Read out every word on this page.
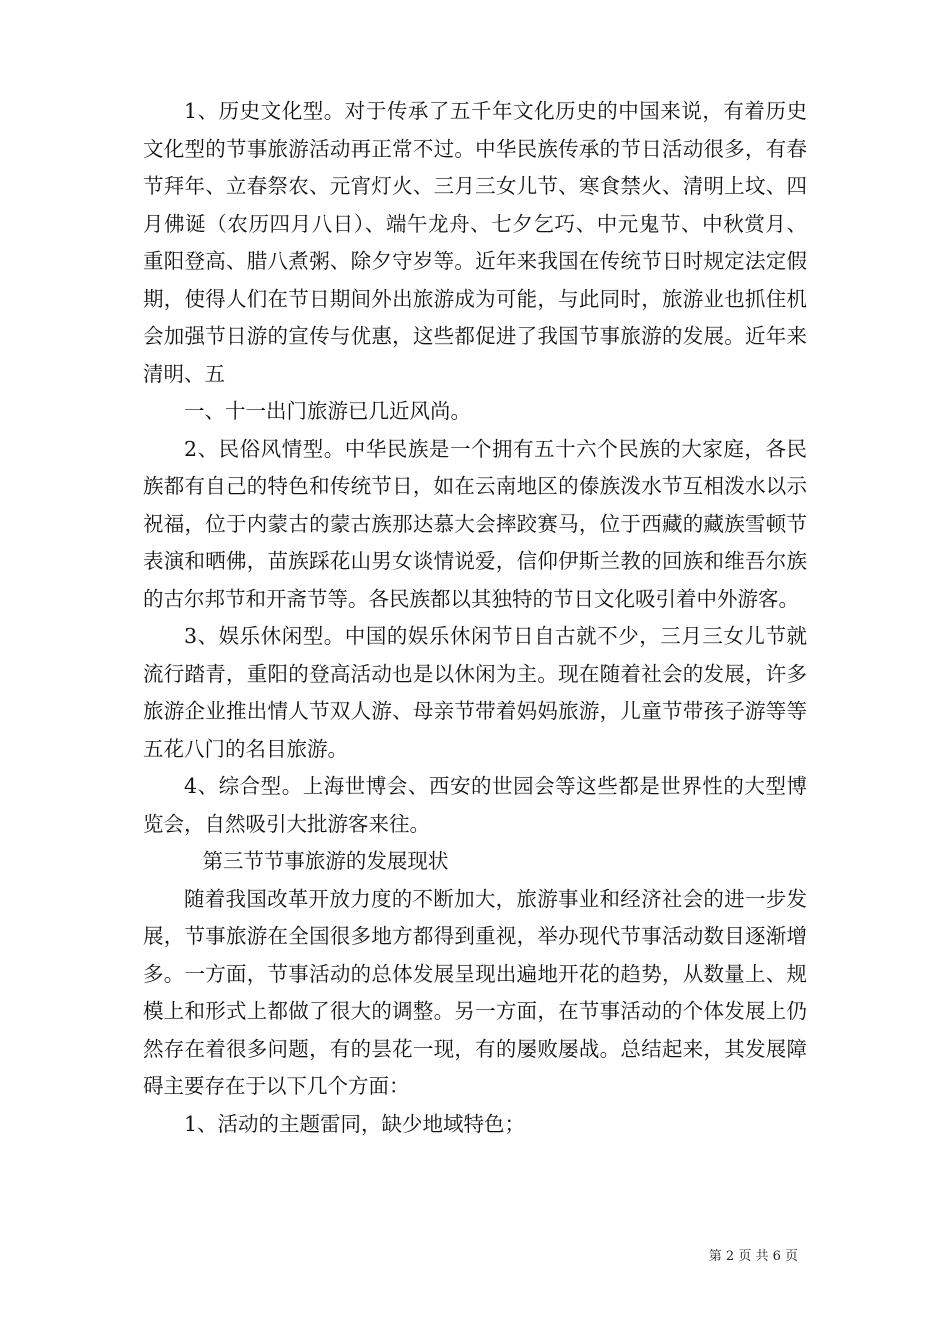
1、历史文化型。对于传承了五千年文化历史的中国来说，有着历史文化型的节事旅游活动再正常不过。中华民族传承的节日活动很多，有春节拜年、立春祭农、元宵灯火、三月三女儿节、寒食禁火、清明上坟、四月佛诞（农历四月八日）、端午龙舟、七夕乞巧、中元鬼节、中秋赏月、重阳登高、腊八煮粥、除夕守岁等。近年来我国在传统节日时规定法定假期，使得人们在节日期间外出旅游成为可能，与此同时，旅游业也抓住机会加强节日游的宣传与优惠，这些都促进了我国节事旅游的发展。近年来清明、五

一、十一出门旅游已几近风尚。

2、民俗风情型。中华民族是一个拥有五十六个民族的大家庭，各民族都有自己的特色和传统节日，如在云南地区的傣族泼水节互相泼水以示祝福，位于内蒙古的蒙古族那达慕大会摔跤赛马，位于西藏的藏族雪顿节表演和晒佛，苗族踩花山男女谈情说爱，信仰伊斯兰教的回族和维吾尔族的古尔邦节和开斋节等。各民族都以其独特的节日文化吸引着中外游客。

3、娱乐休闲型。中国的娱乐休闲节日自古就不少，三月三女儿节就流行踏青，重阳的登高活动也是以休闲为主。现在随着社会的发展，许多旅游企业推出情人节双人游、母亲节带着妈妈旅游，儿童节带孩子游等等五花八门的名目旅游。

4、综合型。上海世博会、西安的世园会等这些都是世界性的大型博览会，自然吸引大批游客来往。

第三节节事旅游的发展现状

随着我国改革开放力度的不断加大，旅游事业和经济社会的进一步发展，节事旅游在全国很多地方都得到重视，举办现代节事活动数目逐渐增多。一方面，节事活动的总体发展呈现出遍地开花的趋势，从数量上、规模上和形式上都做了很大的调整。另一方面，在节事活动的个体发展上仍然存在着很多问题，有的昙花一现，有的屡败屡战。总结起来，其发展障碍主要存在于以下几个方面：

1、活动的主题雷同，缺少地域特色；

第 2 页 共 6 页
